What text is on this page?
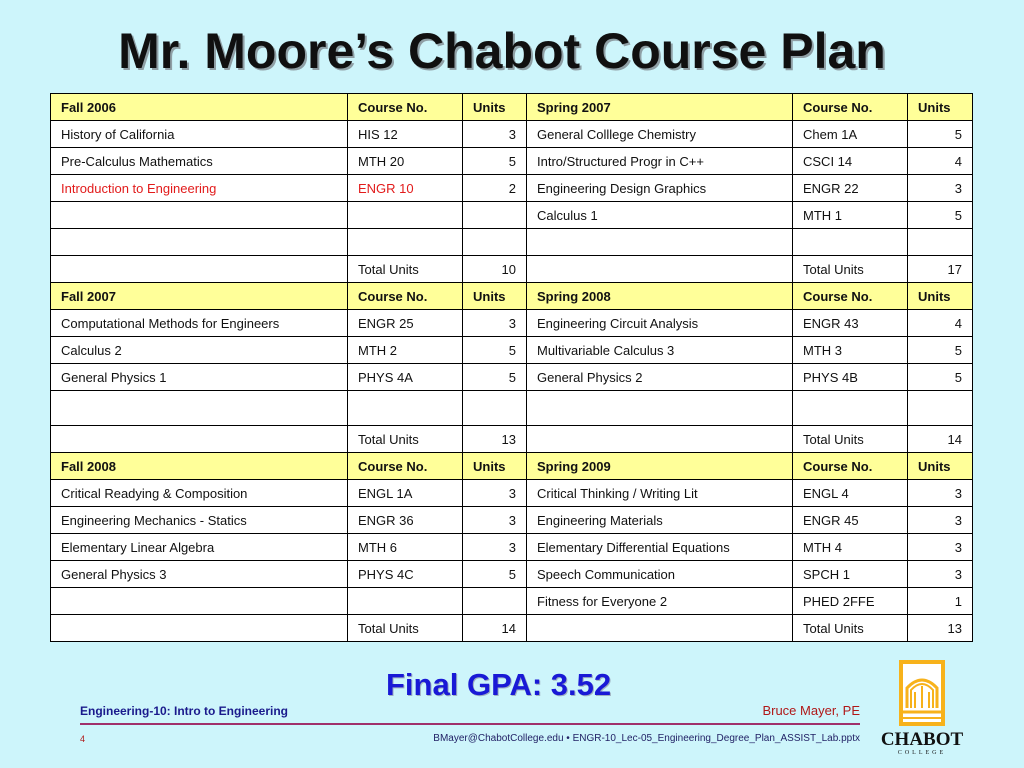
Mr. Moore’s Chabot Course Plan
Fall 2006	Course No.	Units	Spring 2007	Course No.	Units
History of California	HIS 12	3	General Colllege Chemistry	Chem 1A	5
Pre-Calculus Mathematics	MTH 20	5	Intro/Structured Progr in C++	CSCI 14	4
Introduction to Engineering	ENGR 10	2	Engineering Design Graphics	ENGR 22	3
			Calculus 1	MTH 1	5

	Total Units	10		Total Units	17
Fall 2007	Course No.	Units	Spring 2008	Course No.	Units
Computational Methods for Engineers	ENGR 25	3	Engineering Circuit Analysis	ENGR 43	4
Calculus 2	MTH 2	5	Multivariable Calculus 3	MTH 3	5
General Physics 1	PHYS 4A	5	General Physics 2	PHYS 4B	5

	Total Units	13		Total Units	14
Fall 2008	Course No.	Units	Spring 2009	Course No.	Units
Critical Readying & Composition	ENGL 1A	3	Critical Thinking / Writing Lit	ENGL 4	3
Engineering Mechanics - Statics	ENGR 36	3	Engineering Materials	ENGR 45	3
Elementary Linear Algebra	MTH 6	3	Elementary Differential Equations	MTH 4	3
General Physics 3	PHYS 4C	5	Speech Communication	SPCH 1	3
			Fitness for Everyone 2	PHED 2FFE	1
	Total Units	14		Total Units	13
Final GPA: 3.52
Engineering-10: Intro to Engineering	Bruce Mayer, PE
4	BMayer@ChabotCollege.edu • ENGR-10_Lec-05_Engineering_Degree_Plan_ASSIST_Lab.pptx CHABOT
COLLEGE
